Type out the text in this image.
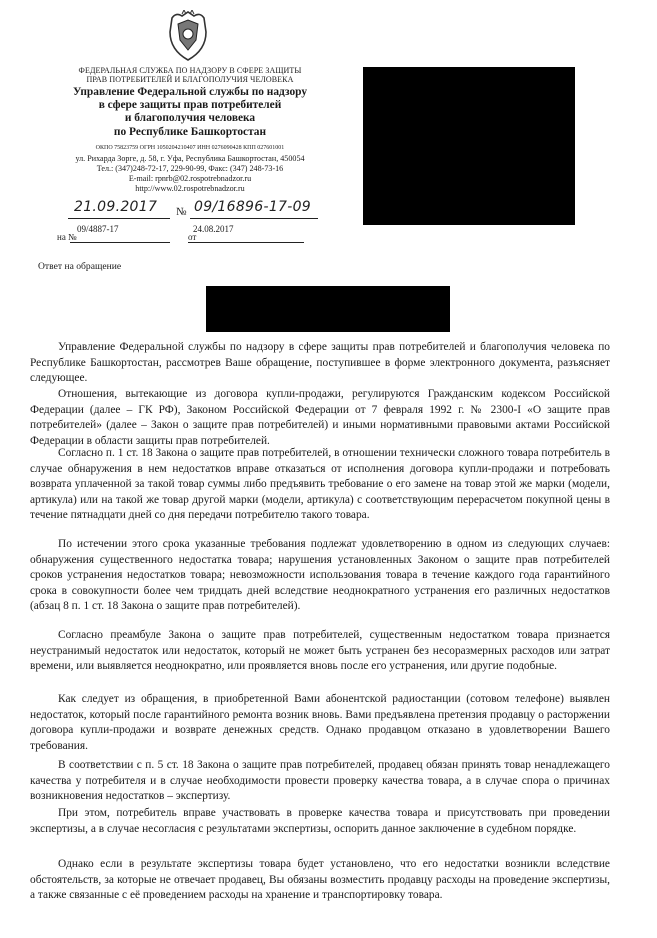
ФЕДЕРАЛЬНАЯ СЛУЖБА ПО НАДЗОРУ В СФЕРЕ ЗАЩИТЫ
ПРАВ ПОТРЕБИТЕЛЕЙ И БЛАГОПОЛУЧИЯ ЧЕЛОВЕКА
Управление Федеральной службы по надзору
в сфере защиты прав потребителей
и благополучия человека
по Республике Башкортостан
ОКПО 75823759 ОГРН 1050204210407 ИНН 0276090428 КПП 027601001
ул. Рихарда Зорге, д. 58, г. Уфа, Республика Башкортостан, 450054
Тел.: (347)248-72-17, 229-90-99, Факс: (347) 248-73-16
E-mail: rpnrb@02.rospotrebnadzor.ru
http://www.02.rospotrebnadzor.ru
21.09.2017 № 09/16896-17-09
09/4887-17
на №
24.08.2017
от
Ответ на обращение

Управление Федеральной службы по надзору в сфере защиты прав потребителей и благополучия человека по Республике Башкортостан, рассмотрев Ваше обращение, поступившее в форме электронного документа, разъясняет следующее.

Отношения, вытекающие из договора купли-продажи, регулируются Гражданским кодексом Российской Федерации (далее – ГК РФ), Законом Российской Федерации от 7 февраля 1992 г. № 2300-I «О защите прав потребителей» (далее – Закон о защите прав потребителей) и иными нормативными правовыми актами Российской Федерации в области защиты прав потребителей.

Согласно п. 1 ст. 18 Закона о защите прав потребителей, в отношении технически сложного товара потребитель в случае обнаружения в нем недостатков вправе отказаться от исполнения договора купли-продажи и потребовать возврата уплаченной за такой товар суммы либо предъявить требование о его замене на товар этой же марки (модели, артикула) или на такой же товар другой марки (модели, артикула) с соответствующим перерасчетом покупной цены в течение пятнадцати дней со дня передачи потребителю такого товара.

По истечении этого срока указанные требования подлежат удовлетворению в одном из следующих случаев: обнаружения существенного недостатка товара; нарушения установленных Законом о защите прав потребителей сроков устранения недостатков товара; невозможности использования товара в течение каждого года гарантийного срока в совокупности более чем тридцать дней вследствие неоднократного устранения его различных недостатков (абзац 8 п. 1 ст. 18 Закона о защите прав потребителей).

Согласно преамбуле Закона о защите прав потребителей, существенным недостатком товара признается неустранимый недостаток или недостаток, который не может быть устранен без несоразмерных расходов или затрат времени, или выявляется неоднократно, или проявляется вновь после его устранения, или другие подобные.

Как следует из обращения, в приобретенной Вами абонентской радиостанции (сотовом телефоне) выявлен недостаток, который после гарантийного ремонта возник вновь. Вами предъявлена претензия продавцу о расторжении договора купли-продажи и возврате денежных средств. Однако продавцом отказано в удовлетворении Вашего требования.

В соответствии с п. 5 ст. 18 Закона о защите прав потребителей, продавец обязан принять товар ненадлежащего качества у потребителя и в случае необходимости провести проверку качества товара, а в случае спора о причинах возникновения недостатков – экспертизу.

При этом, потребитель вправе участвовать в проверке качества товара и присутствовать при проведении экспертизы, а в случае несогласия с результатами экспертизы, оспорить данное заключение в судебном порядке.

Однако если в результате экспертизы товара будет установлено, что его недостатки возникли вследствие обстоятельств, за которые не отвечает продавец, Вы обязаны возместить продавцу расходы на проведение экспертизы, а также связанные с её проведением расходы на хранение и транспортировку товара.
